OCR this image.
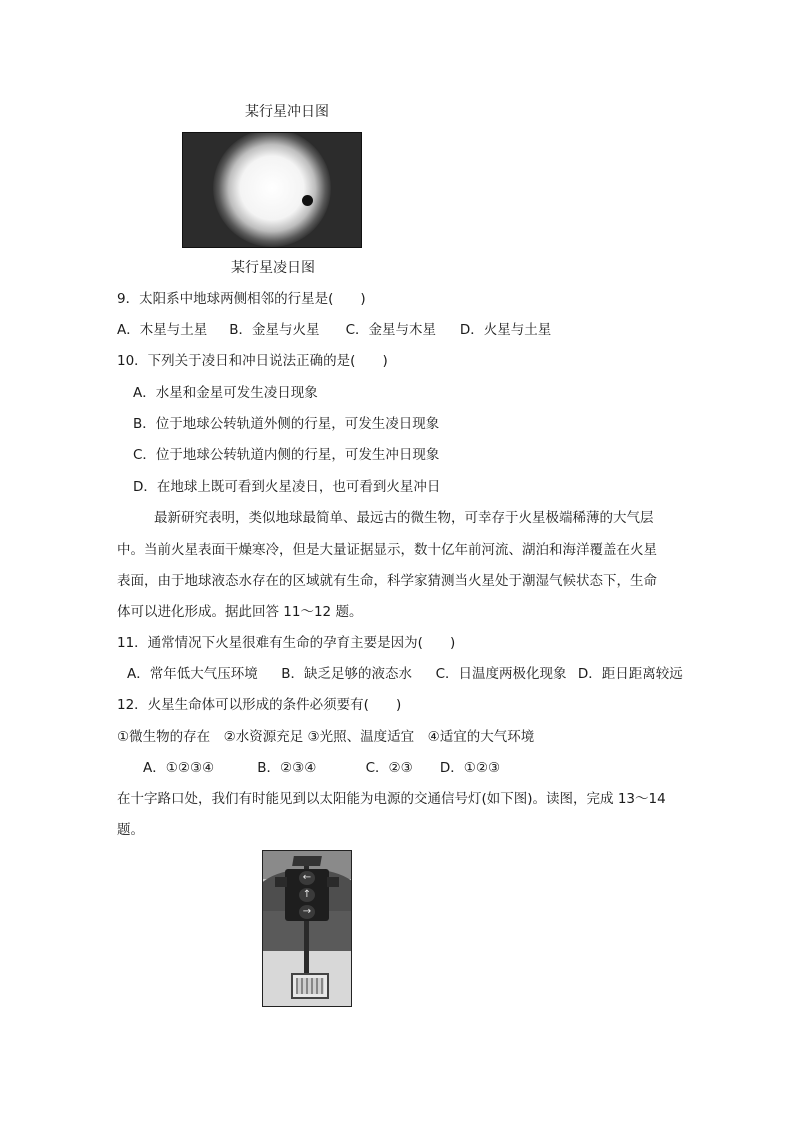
某行星冲日图
某行星凌日图
9．太阳系中地球两侧相邻的行星是(　　)
A．木星与土星 B．金星与火星 C．金星与木星 D．火星与土星
10．下列关于凌日和冲日说法正确的是(　　)
A．水星和金星可发生凌日现象
B．位于地球公转轨道外侧的行星，可发生凌日现象
C．位于地球公转轨道内侧的行星，可发生冲日现象
D．在地球上既可看到火星凌日，也可看到火星冲日
最新研究表明，类似地球最简单、最远古的微生物，可幸存于火星极端稀薄的大气层
中。当前火星表面干燥寒冷，但是大量证据显示，数十亿年前河流、湖泊和海洋覆盖在火星
表面，由于地球液态水存在的区域就有生命，科学家猜测当火星处于潮湿气候状态下，生命
体可以进化形成。据此回答 11～12 题。
11．通常情况下火星很难有生命的孕育主要是因为(　　)
A．常年低大气压环境 B．缺乏足够的液态水 C．日温度两极化现象 D．距日距离较远
12．火星生命体可以形成的条件必须要有(　　)
①微生物的存在　②水资源充足 ③光照、温度适宜　④适宜的大气环境
A．①②③④	B．②③④	C．②③ D．①②③
在十字路口处，我们有时能见到以太阳能为电源的交通信号灯(如下图)。读图，完成 13～14
题。
←
↑
→
